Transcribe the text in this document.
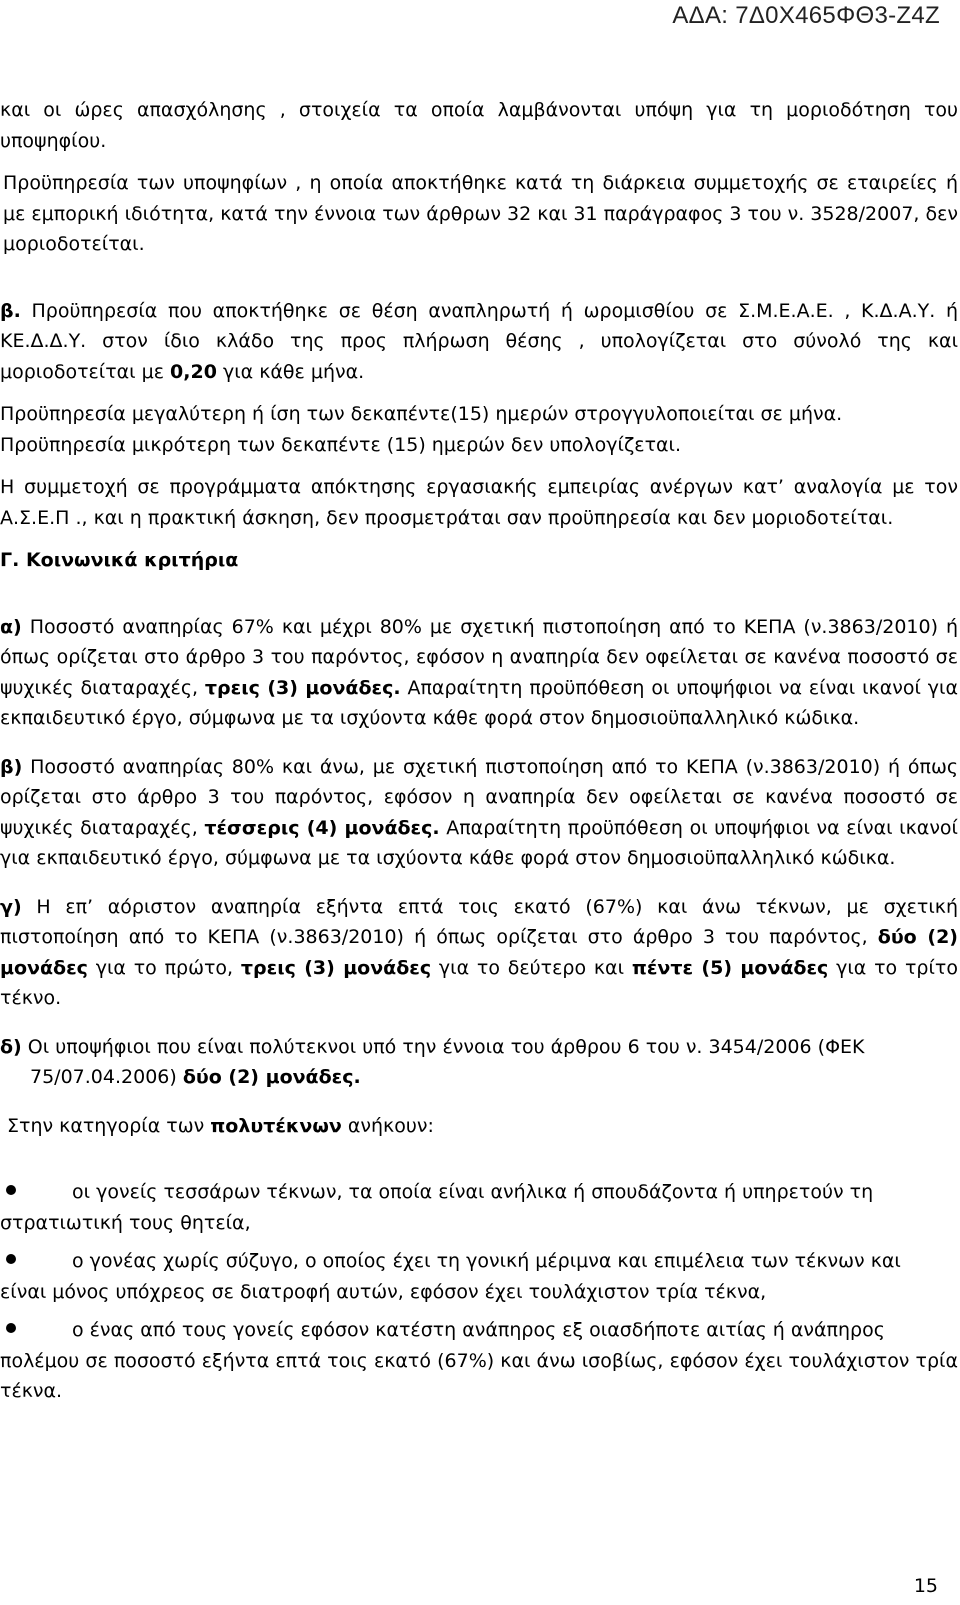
ΑΔΑ: 7Δ0Χ465ΦΘ3-Ζ4Ζ

και οι ώρες απασχόλησης , στοιχεία τα οποία λαμβάνονται υπόψη για τη μοριοδότηση του υποψηφίου.

Προϋπηρεσία των υποψηφίων , η οποία αποκτήθηκε κατά τη διάρκεια συμμετοχής σε εταιρείες ή με εμπορική ιδιότητα, κατά την έννοια των άρθρων 32 και 31 παράγραφος 3 του ν. 3528/2007, δεν μοριοδοτείται.

β. Προϋπηρεσία που αποκτήθηκε σε θέση αναπληρωτή ή ωρομισθίου σε Σ.Μ.Ε.Α.Ε. , Κ.Δ.Α.Υ. ή ΚΕ.Δ.Δ.Υ. στον ίδιο κλάδο της προς πλήρωση θέσης , υπολογίζεται στο σύνολό της και μοριοδοτείται με 0,20 για κάθε μήνα.

Προϋπηρεσία μεγαλύτερη ή ίση των δεκαπέντε(15) ημερών στρογγυλοποιείται σε μήνα.

Προϋπηρεσία μικρότερη των δεκαπέντε (15) ημερών δεν υπολογίζεται.

Η συμμετοχή σε προγράμματα απόκτησης εργασιακής εμπειρίας ανέργων κατ’ αναλογία με τον Α.Σ.Ε.Π ., και η πρακτική άσκηση, δεν προσμετράται σαν προϋπηρεσία και δεν μοριοδοτείται.

Γ. Κοινωνικά κριτήρια

α) Ποσοστό αναπηρίας 67% και μέχρι 80% με σχετική πιστοποίηση από το ΚΕΠΑ (ν.3863/2010) ή όπως ορίζεται στο άρθρο 3 του παρόντος, εφόσον η αναπηρία δεν οφείλεται σε κανένα ποσοστό σε ψυχικές διαταραχές, τρεις (3) μονάδες. Απαραίτητη προϋπόθεση οι υποψήφιοι να είναι ικανοί για εκπαιδευτικό έργο, σύμφωνα με τα ισχύοντα κάθε φορά στον δημοσιοϋπαλληλικό κώδικα.

β) Ποσοστό αναπηρίας 80% και άνω, με σχετική πιστοποίηση από το ΚΕΠΑ (ν.3863/2010) ή όπως ορίζεται στο άρθρο 3 του παρόντος, εφόσον η αναπηρία δεν οφείλεται σε κανένα ποσοστό σε ψυχικές διαταραχές, τέσσερις (4) μονάδες. Απαραίτητη προϋπόθεση οι υποψήφιοι να είναι ικανοί για εκπαιδευτικό έργο, σύμφωνα με τα ισχύοντα κάθε φορά στον δημοσιοϋπαλληλικό κώδικα.

γ) Η επ’ αόριστον αναπηρία εξήντα επτά τοις εκατό (67%) και άνω τέκνων, με σχετική πιστοποίηση από το ΚΕΠΑ (ν.3863/2010) ή όπως ορίζεται στο άρθρο 3 του παρόντος, δύο (2) μονάδες για το πρώτο, τρεις (3) μονάδες για το δεύτερο και πέντε (5) μονάδες για το τρίτο τέκνο.

δ) Οι υποψήφιοι που είναι πολύτεκνοι υπό την έννοια του άρθρου 6 του ν. 3454/2006 (ΦΕΚ

75/07.04.2006) δύο (2) μονάδες.

Στην κατηγορία των πολυτέκνων ανήκουν:

οι γονείς τεσσάρων τέκνων, τα οποία είναι ανήλικα ή σπουδάζοντα ή υπηρετούν τη

στρατιωτική τους θητεία,

ο γονέας χωρίς σύζυγο, ο οποίος έχει τη γονική μέριμνα και επιμέλεια των τέκνων και

είναι μόνος υπόχρεος σε διατροφή αυτών, εφόσον έχει τουλάχιστον τρία τέκνα,

ο ένας από τους γονείς εφόσον κατέστη ανάπηρος εξ οιασδήποτε αιτίας ή ανάπηρος

πολέμου σε ποσοστό εξήντα επτά τοις εκατό (67%) και άνω ισοβίως, εφόσον έχει τουλάχιστον τρία τέκνα.

15
